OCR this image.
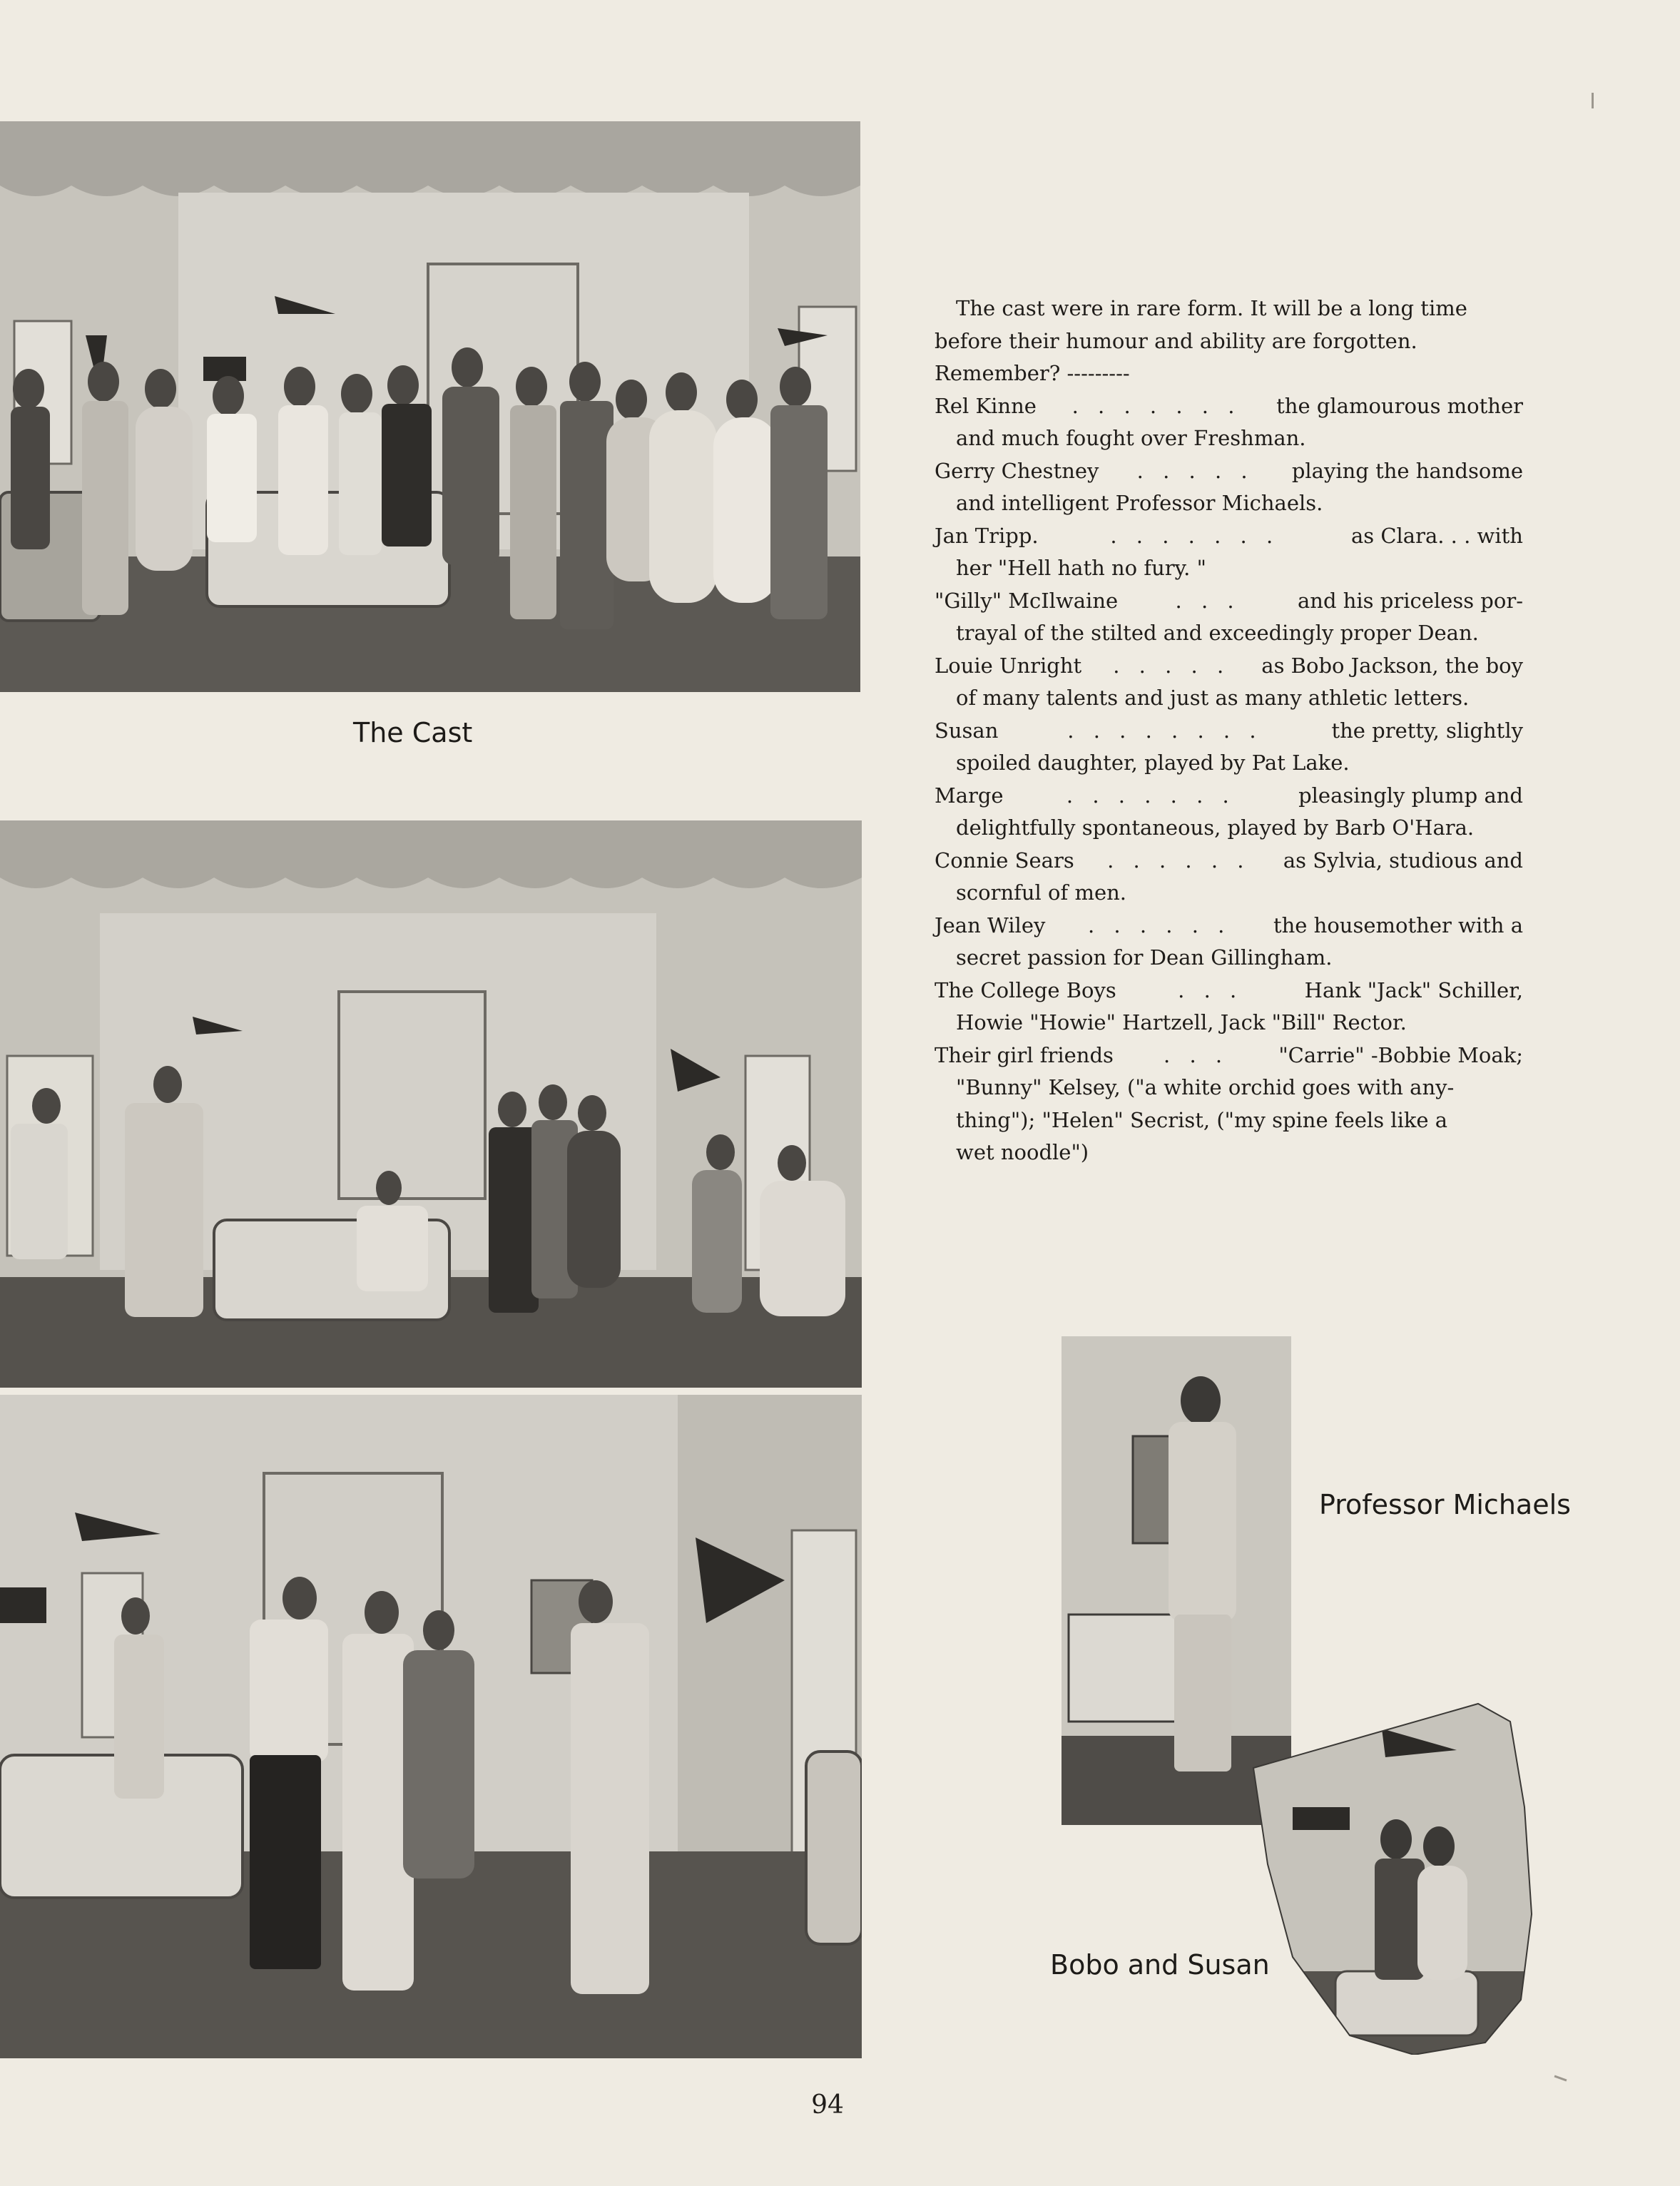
The Cast
The cast were in rare form. It will be a long time before their humour and ability are forgotten.
Remember? ---------
Rel Kinne	. . . . . . .	the glamourous mother
and much fought over Freshman.
Gerry Chestney	. . . . .	playing the handsome
and intelligent Professor Michaels.
Jan Tripp.	. . . . . . .	as Clara. . . with
her "Hell hath no fury. "
"Gilly" McIlwaine	. . .	and his priceless por-
trayal of the stilted and exceedingly proper Dean.
Louie Unright	. . . . .	as Bobo Jackson, the boy
of many talents and just as many athletic letters.
Susan	. . . . . . . .	the pretty, slightly
spoiled daughter, played by Pat Lake.
Marge	. . . . . . .	pleasingly plump and
delightfully spontaneous, played by Barb O'Hara.
Connie Sears	. . . . . .	as Sylvia, studious and
scornful of men.
Jean Wiley	. . . . . .	the housemother with a
secret passion for Dean Gillingham.
The College Boys	. . .	Hank "Jack" Schiller,
Howie "Howie" Hartzell, Jack "Bill" Rector.
Their girl friends	. . .	"Carrie" -Bobbie Moak;
"Bunny" Kelsey, ("a white orchid goes with any-
thing"); "Helen" Secrist, ("my spine feels like a
wet noodle")
Professor Michaels
Bobo and Susan
94
